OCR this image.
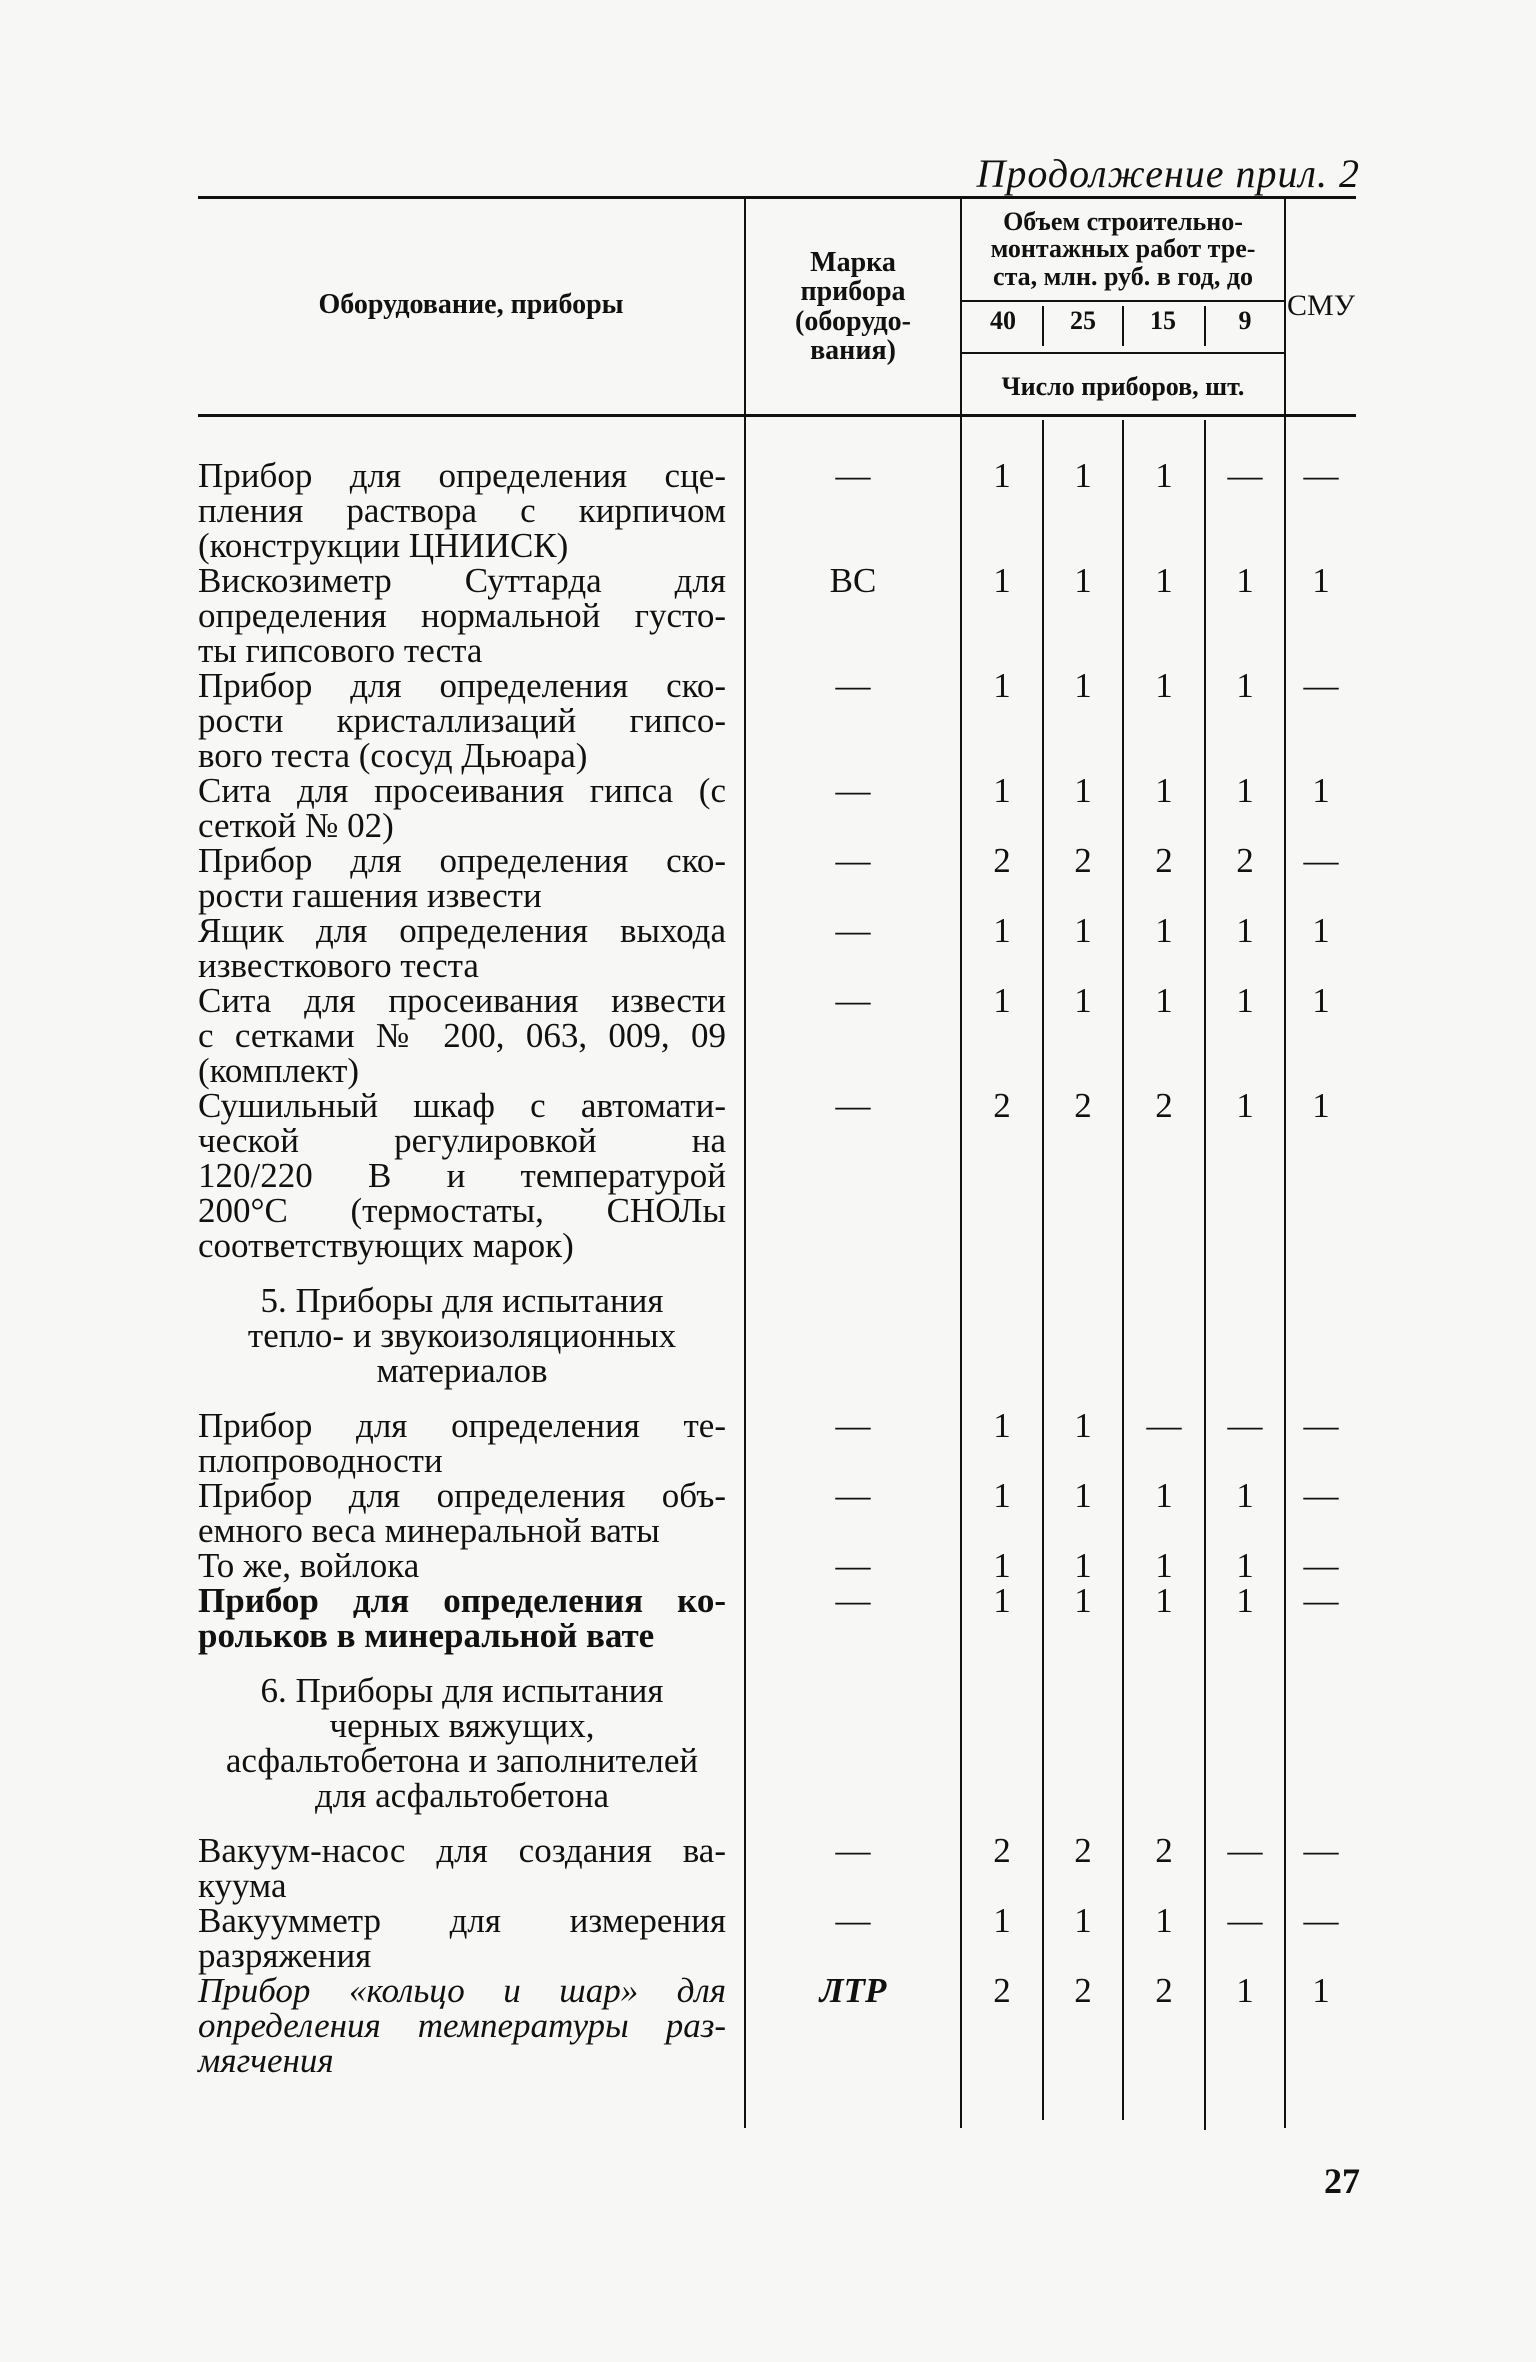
Продолжение прил. 2
Оборудование, приборы
Марка
прибора
(оборудо-
вания)
Объем строительно-
монтажных работ тре-
ста, млн. руб. в год, до
40	25	15	9
Число приборов, шт.
СМУ
Прибор для определения сце-
пления раствора с кирпичом
(конструкции ЦНИИСК)
—	1	1	1	—	—
Вискозиметр Суттарда для
определения нормальной густо-
ты гипсового теста
ВС	1	1	1	1	1
Прибор для определения ско-
рости кристаллизаций гипсо-
вого теста (сосуд Дьюара)
—	1	1	1	1	—
Сита для просеивания гипса (с
сеткой № 02)
—	1	1	1	1	1
Прибор для определения ско-
рости гашения извести
—	2	2	2	2	—
Ящик для определения выхода
известкового теста
—	1	1	1	1	1
Сита для просеивания извести
с сетками № 200, 063, 009, 09
(комплект)
—	1	1	1	1	1
Сушильный шкаф с автомати-
ческой регулировкой на
120/220 В и температурой
200°С (термостаты, СНОЛы
соответствующих марок)
—	2	2	2	1	1
5. Приборы для испытания
тепло- и звукоизоляционных
материалов
Прибор для определения те-
плопроводности
—	1	1	—	—	—
Прибор для определения объ-
емного веса минеральной ваты
—	1	1	1	1	—
То же, войлока	—	1	1	1	1	—
Прибор для определения ко-
рольков в минеральной вате
—	1	1	1	1	—
6. Приборы для испытания
черных вяжущих,
асфальтобетона и заполнителей
для асфальтобетона
Вакуум-насос для создания ва-
куума
—	2	2	2	—	—
Вакуумметр для измерения
разряжения
—	1	1	1	—	—
Прибор «кольцо и шар» для
определения температуры раз-
мягчения
ЛТР	2	2	2	1	1
27
